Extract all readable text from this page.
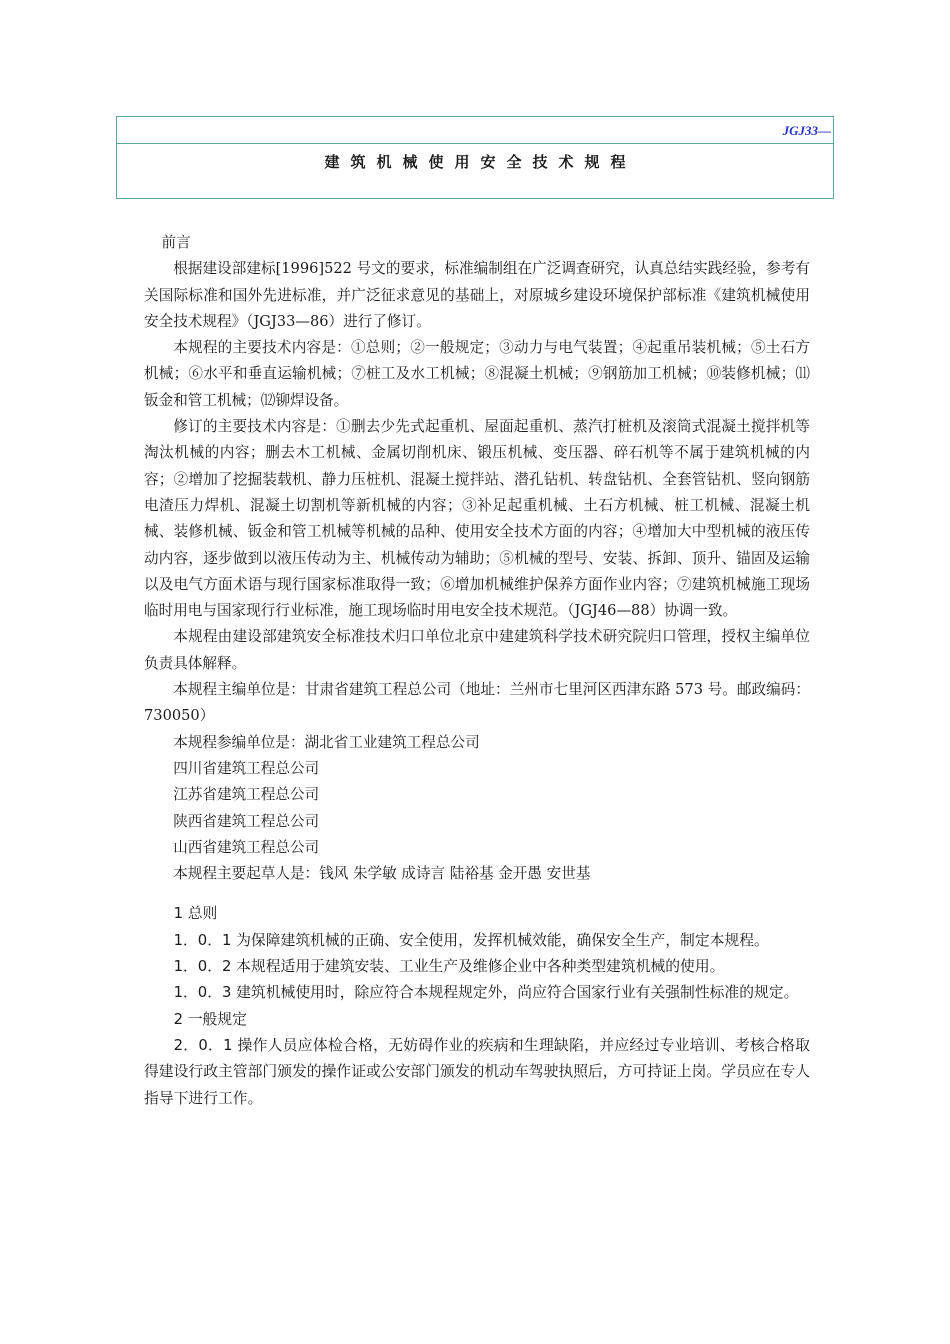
JGJ33—
建筑机械使用安全技术规程

前言

根据建设部建标[1996]522 号文的要求，标准编制组在广泛调查研究，认真总结实践经验，参考有关国际标准和国外先进标准，并广泛征求意见的基础上，对原城乡建设环境保护部标准《建筑机械使用安全技术规程》（JGJ33—86）进行了修订。

本规程的主要技术内容是：①总则；②一般规定；③动力与电气装置；④起重吊装机械；⑤土石方机械；⑥水平和垂直运输机械；⑦桩工及水工机械；⑧混凝土机械；⑨钢筋加工机械；⑩装修机械；⑾钣金和管工机械；⑿铆焊设备。

修订的主要技术内容是：①删去少先式起重机、屋面起重机、蒸汽打桩机及滚筒式混凝土搅拌机等淘汰机械的内容；删去木工机械、金属切削机床、锻压机械、变压器、碎石机等不属于建筑机械的内容；②增加了挖掘装载机、静力压桩机、混凝土搅拌站、潜孔钻机、转盘钻机、全套管钻机、竖向钢筋电渣压力焊机、混凝土切割机等新机械的内容；③补足起重机械、土石方机械、桩工机械、混凝土机械、装修机械、钣金和管工机械等机械的品种、使用安全技术方面的内容；④增加大中型机械的液压传动内容，逐步做到以液压传动为主、机械传动为辅助；⑤机械的型号、安装、拆卸、顶升、锚固及运输以及电气方面术语与现行国家标准取得一致；⑥增加机械维护保养方面作业内容；⑦建筑机械施工现场临时用电与国家现行行业标准，施工现场临时用电安全技术规范。（JGJ46—88）协调一致。

本规程由建设部建筑安全标准技术归口单位北京中建建筑科学技术研究院归口管理，授权主编单位负责具体解释。

本规程主编单位是：甘肃省建筑工程总公司（地址：兰州市七里河区西津东路 573 号。邮政编码：730050）

本规程参编单位是：湖北省工业建筑工程总公司

四川省建筑工程总公司

江苏省建筑工程总公司

陕西省建筑工程总公司

山西省建筑工程总公司

本规程主要起草人是：钱风 朱学敏 成诗言 陆裕基 金开愚 安世基

1 总则

1．0．1 为保障建筑机械的正确、安全使用，发挥机械效能，确保安全生产，制定本规程。

1．0．2 本规程适用于建筑安装、工业生产及维修企业中各种类型建筑机械的使用。

1．0．3 建筑机械使用时，除应符合本规程规定外，尚应符合国家行业有关强制性标准的规定。

2 一般规定

2．0．1 操作人员应体检合格，无妨碍作业的疾病和生理缺陷，并应经过专业培训、考核合格取得建设行政主管部门颁发的操作证或公安部门颁发的机动车驾驶执照后，方可持证上岗。学员应在专人指导下进行工作。
